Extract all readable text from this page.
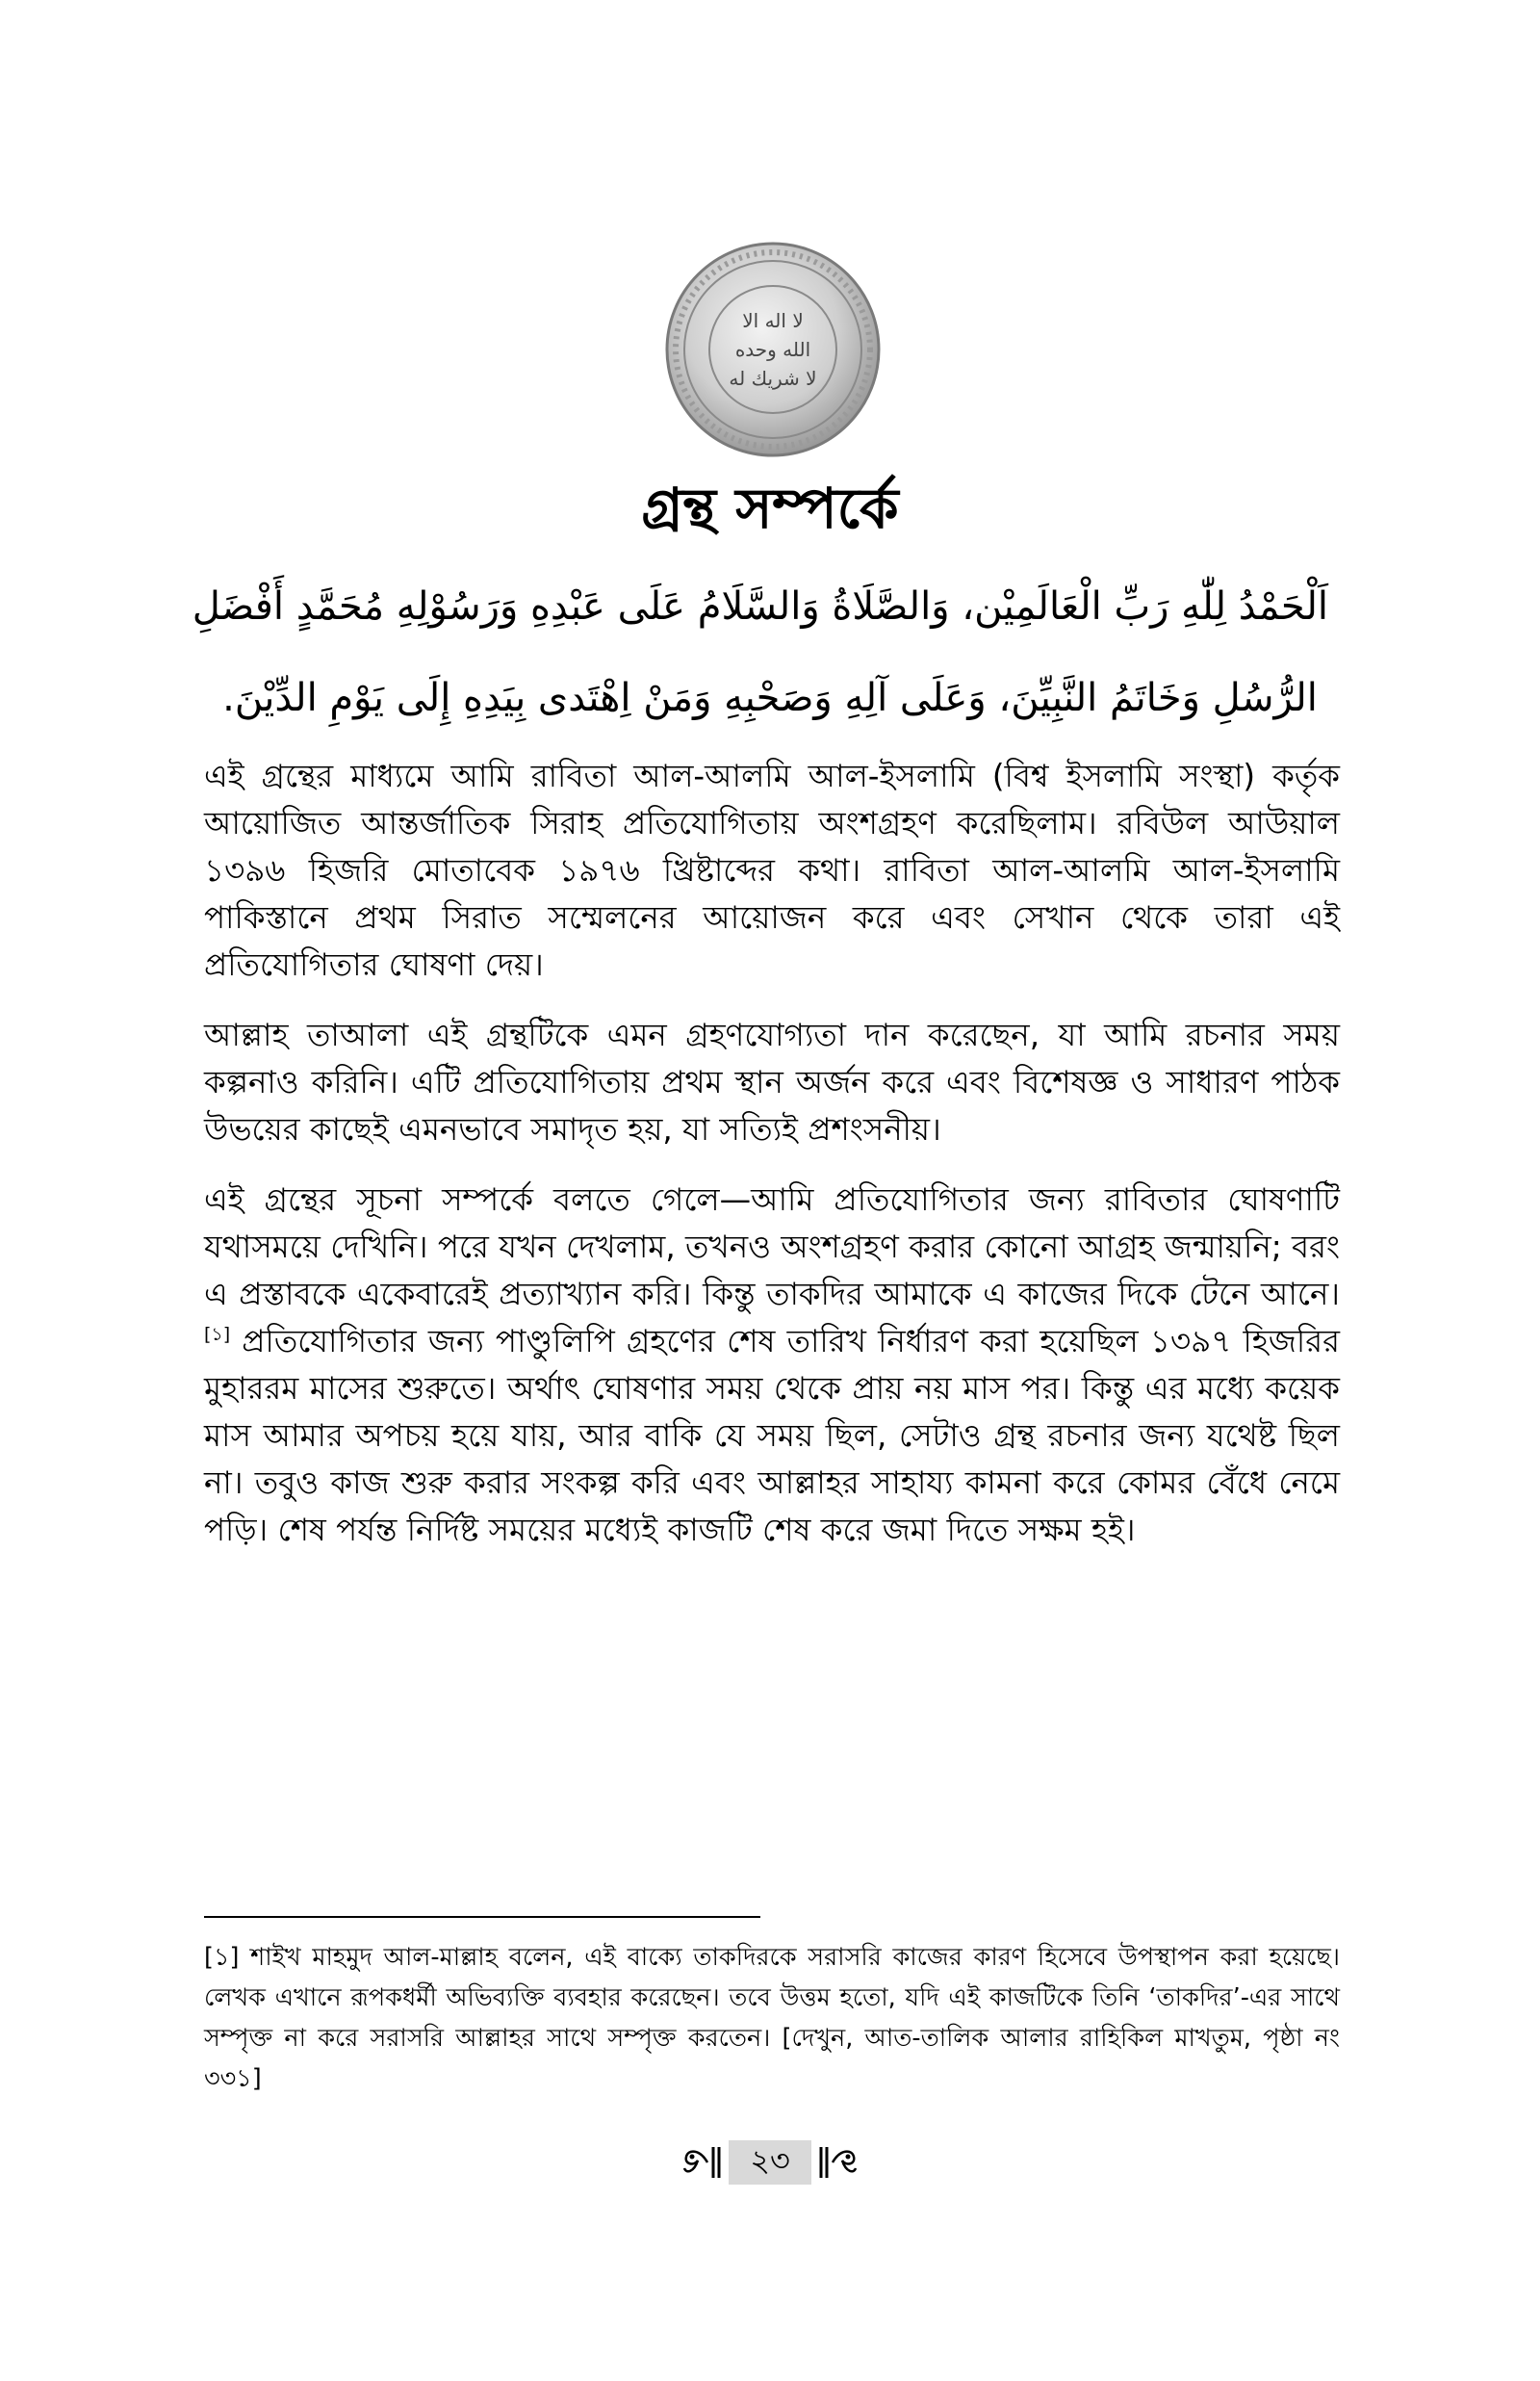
لا اله الا
الله وحده
لا شريك له
গ্রন্থ সম্পর্কে
اَلْحَمْدُ لِلّٰهِ رَبِّ الْعَالَمِيْن، وَالصَّلَاةُ وَالسَّلَامُ عَلَى عَبْدِهِ وَرَسُوْلِهِ مُحَمَّدٍ أَفْضَلِ
الرُّسُلِ وَخَاتَمُ النَّبِيِّنَ، وَعَلَى آلِهِ وَصَحْبِهِ وَمَنْ اِهْتَدى بِيَدِهِ إِلَى يَوْمِ الدِّيْنَ.

এই গ্রন্থের মাধ্যমে আমি রাবিতা আল-আলমি আল-ইসলামি (বিশ্ব ইসলামি সংস্থা) কর্তৃক আয়োজিত আন্তর্জাতিক সিরাহ প্রতিযোগিতায় অংশগ্রহণ করেছিলাম। রবিউল আউয়াল ১৩৯৬ হিজরি মোতাবেক ১৯৭৬ খ্রিষ্টাব্দের কথা। রাবিতা আল-আলমি আল-ইসলামি পাকিস্তানে প্রথম সিরাত সম্মেলনের আয়োজন করে এবং সেখান থেকে তারা এই প্রতিযোগিতার ঘোষণা দেয়।

আল্লাহ তাআলা এই গ্রন্থটিকে এমন গ্রহণযোগ্যতা দান করেছেন, যা আমি রচনার সময় কল্পনাও করিনি। এটি প্রতিযোগিতায় প্রথম স্থান অর্জন করে এবং বিশেষজ্ঞ ও সাধারণ পাঠক উভয়ের কাছেই এমনভাবে সমাদৃত হয়, যা সত্যিই প্রশংসনীয়।

এই গ্রন্থের সূচনা সম্পর্কে বলতে গেলে—আমি প্রতিযোগিতার জন্য রাবিতার ঘোষণাটি যথাসময়ে দেখিনি। পরে যখন দেখলাম, তখনও অংশগ্রহণ করার কোনো আগ্রহ জন্মায়নি; বরং এ প্রস্তাবকে একেবারেই প্রত্যাখ্যান করি। কিন্তু তাকদির আমাকে এ কাজের দিকে টেনে আনে।[১] প্রতিযোগিতার জন্য পাণ্ডুলিপি গ্রহণের শেষ তারিখ নির্ধারণ করা হয়েছিল ১৩৯৭ হিজরির মুহাররম মাসের শুরুতে। অর্থাৎ ঘোষণার সময় থেকে প্রায় নয় মাস পর। কিন্তু এর মধ্যে কয়েক মাস আমার অপচয় হয়ে যায়, আর বাকি যে সময় ছিল, সেটাও গ্রন্থ রচনার জন্য যথেষ্ট ছিল না। তবুও কাজ শুরু করার সংকল্প করি এবং আল্লাহর সাহায্য কামনা করে কোমর বেঁধে নেমে পড়ি। শেষ পর্যন্ত নির্দিষ্ট সময়ের মধ্যেই কাজটি শেষ করে জমা দিতে সক্ষম হই।

[১] শাইখ মাহমুদ আল-মাল্লাহ বলেন, এই বাক্যে তাকদিরকে সরাসরি কাজের কারণ হিসেবে উপস্থাপন করা হয়েছে। লেখক এখানে রূপকধর্মী অভিব্যক্তি ব্যবহার করেছেন। তবে উত্তম হতো, যদি এই কাজটিকে তিনি ‘তাকদির’-এর সাথে সম্পৃক্ত না করে সরাসরি আল্লাহর সাথে সম্পৃক্ত করতেন। [দেখুন, আত-তালিক আলার রাহিকিল মাখতুম, পৃষ্ঠা নং ৩৩১]
২৩
